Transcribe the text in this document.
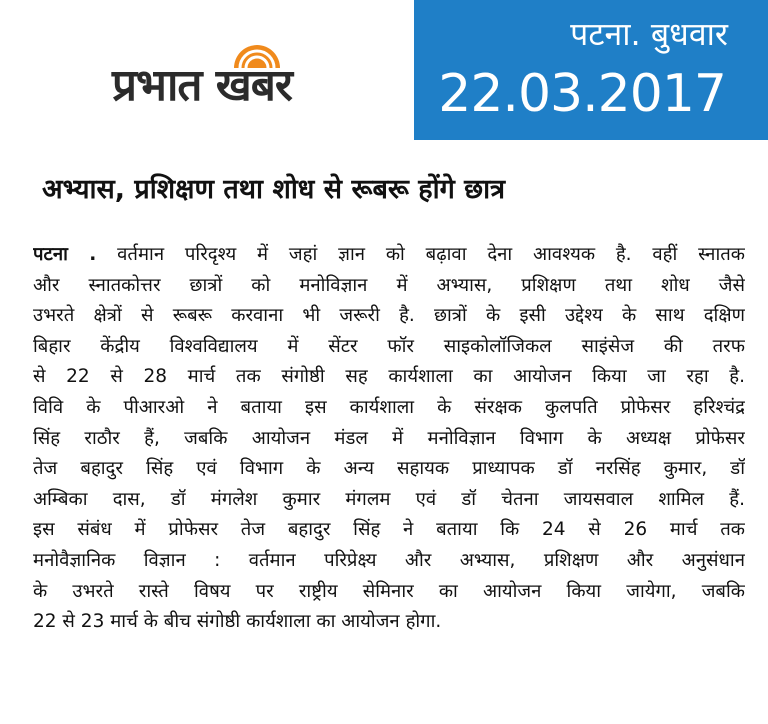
प्रभात खबर
पटना. बुधवार
22.03.2017
अभ्यास, प्रशिक्षण तथा शोध से रूबरू होंगे छात्र
पटना . वर्तमान परिदृश्य में जहां ज्ञान को बढ़ावा देना आवश्यक है. वहीं स्नातक
और स्नातकोत्तर छात्रों को मनोविज्ञान में अभ्यास, प्रशिक्षण तथा शोध जैसे
उभरते क्षेत्रों से रूबरू करवाना भी जरूरी है. छात्रों के इसी उद्देश्य के साथ दक्षिण
बिहार केंद्रीय विश्वविद्यालय में सेंटर फॉर साइकोलॉजिकल साइंसेज की तरफ
से 22 से 28 मार्च तक संगोष्ठी सह कार्यशाला का आयोजन किया जा रहा है.
विवि के पीआरओ ने बताया इस कार्यशाला के संरक्षक कुलपति प्रोफेसर हरिश्चंद्र
सिंह राठौर हैं, जबकि आयोजन मंडल में मनोविज्ञान विभाग के अध्यक्ष प्रोफेसर
तेज बहादुर सिंह एवं विभाग के अन्य सहायक प्राध्यापक डॉ नरसिंह कुमार, डॉ
अम्बिका दास, डॉ मंगलेश कुमार मंगलम एवं डॉ चेतना जायसवाल शामिल हैं.
इस संबंध में प्रोफेसर तेज बहादुर सिंह ने बताया कि 24 से 26 मार्च तक
मनोवैज्ञानिक विज्ञान : वर्तमान परिप्रेक्ष्य और अभ्यास, प्रशिक्षण और अनुसंधान
के उभरते रास्ते विषय पर राष्ट्रीय सेमिनार का आयोजन किया जायेगा, जबकि
22 से 23 मार्च के बीच संगोष्ठी कार्यशाला का आयोजन होगा.
